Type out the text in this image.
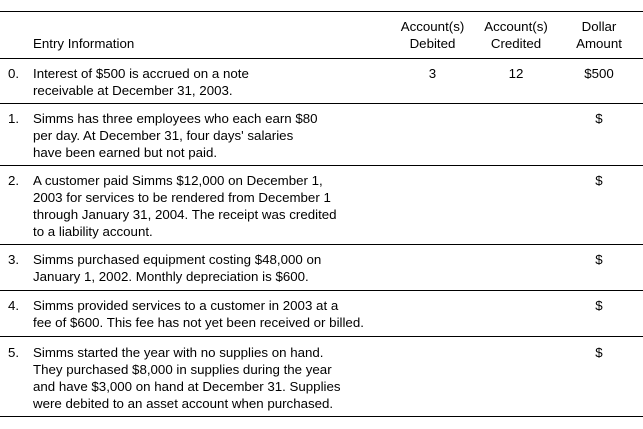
Entry Information
Account(s)
Debited
Account(s)
Credited
Dollar
Amount
0. Interest of $500 is accrued on a note
receivable at December 31, 2003.
3	12	$500
1. Simms has three employees who each earn $80
per day. At December 31, four days' salaries
have been earned but not paid.
$
2. A customer paid Simms $12,000 on December 1,
2003 for services to be rendered from December 1
through January 31, 2004. The receipt was credited
to a liability account.
$
3. Simms purchased equipment costing $48,000 on
January 1, 2002. Monthly depreciation is $600.
$
4. Simms provided services to a customer in 2003 at a
fee of $600. This fee has not yet been received or billed.
$
5. Simms started the year with no supplies on hand.
They purchased $8,000 in supplies during the year
and have $3,000 on hand at December 31. Supplies
were debited to an asset account when purchased.
$
